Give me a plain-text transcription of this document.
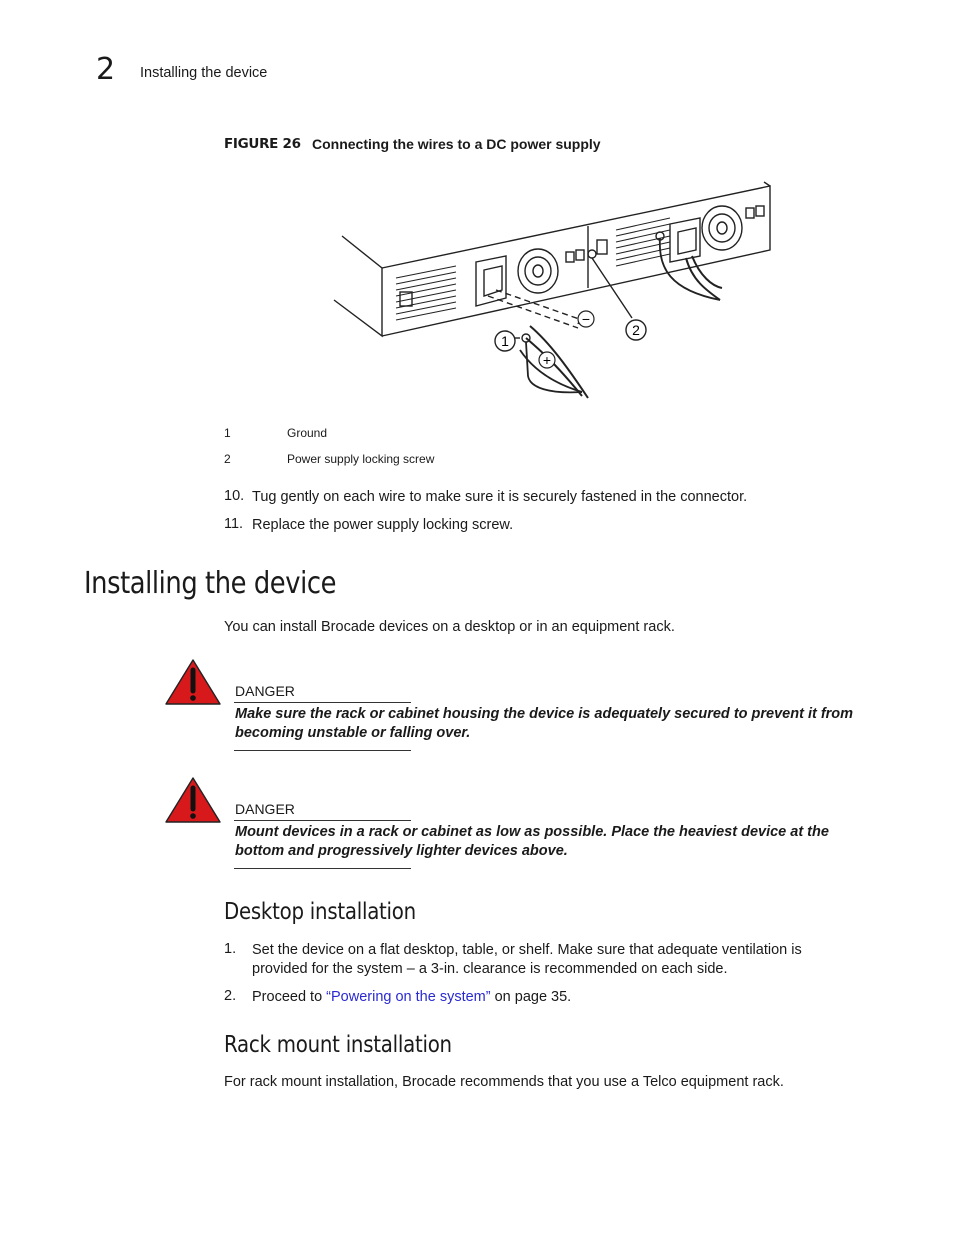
2 Installing the device
FIGURE 26 Connecting the wires to a DC power supply
−
+
1
2
1	Ground
2	Power supply locking screw
10. Tug gently on each wire to make sure it is securely fastened in the connector.
11. Replace the power supply locking screw.
Installing the device
You can install Brocade devices on a desktop or in an equipment rack.
DANGER
Make sure the rack or cabinet housing the device is adequately secured to prevent it from becoming unstable or falling over.
DANGER
Mount devices in a rack or cabinet as low as possible. Place the heaviest device at the bottom and progressively lighter devices above.
Desktop installation
1. Set the device on a flat desktop, table, or shelf. Make sure that adequate ventilation is provided for the system – a 3-in. clearance is recommended on each side.
2. Proceed to “Powering on the system” on page 35.
Rack mount installation
For rack mount installation, Brocade recommends that you use a Telco equipment rack.
